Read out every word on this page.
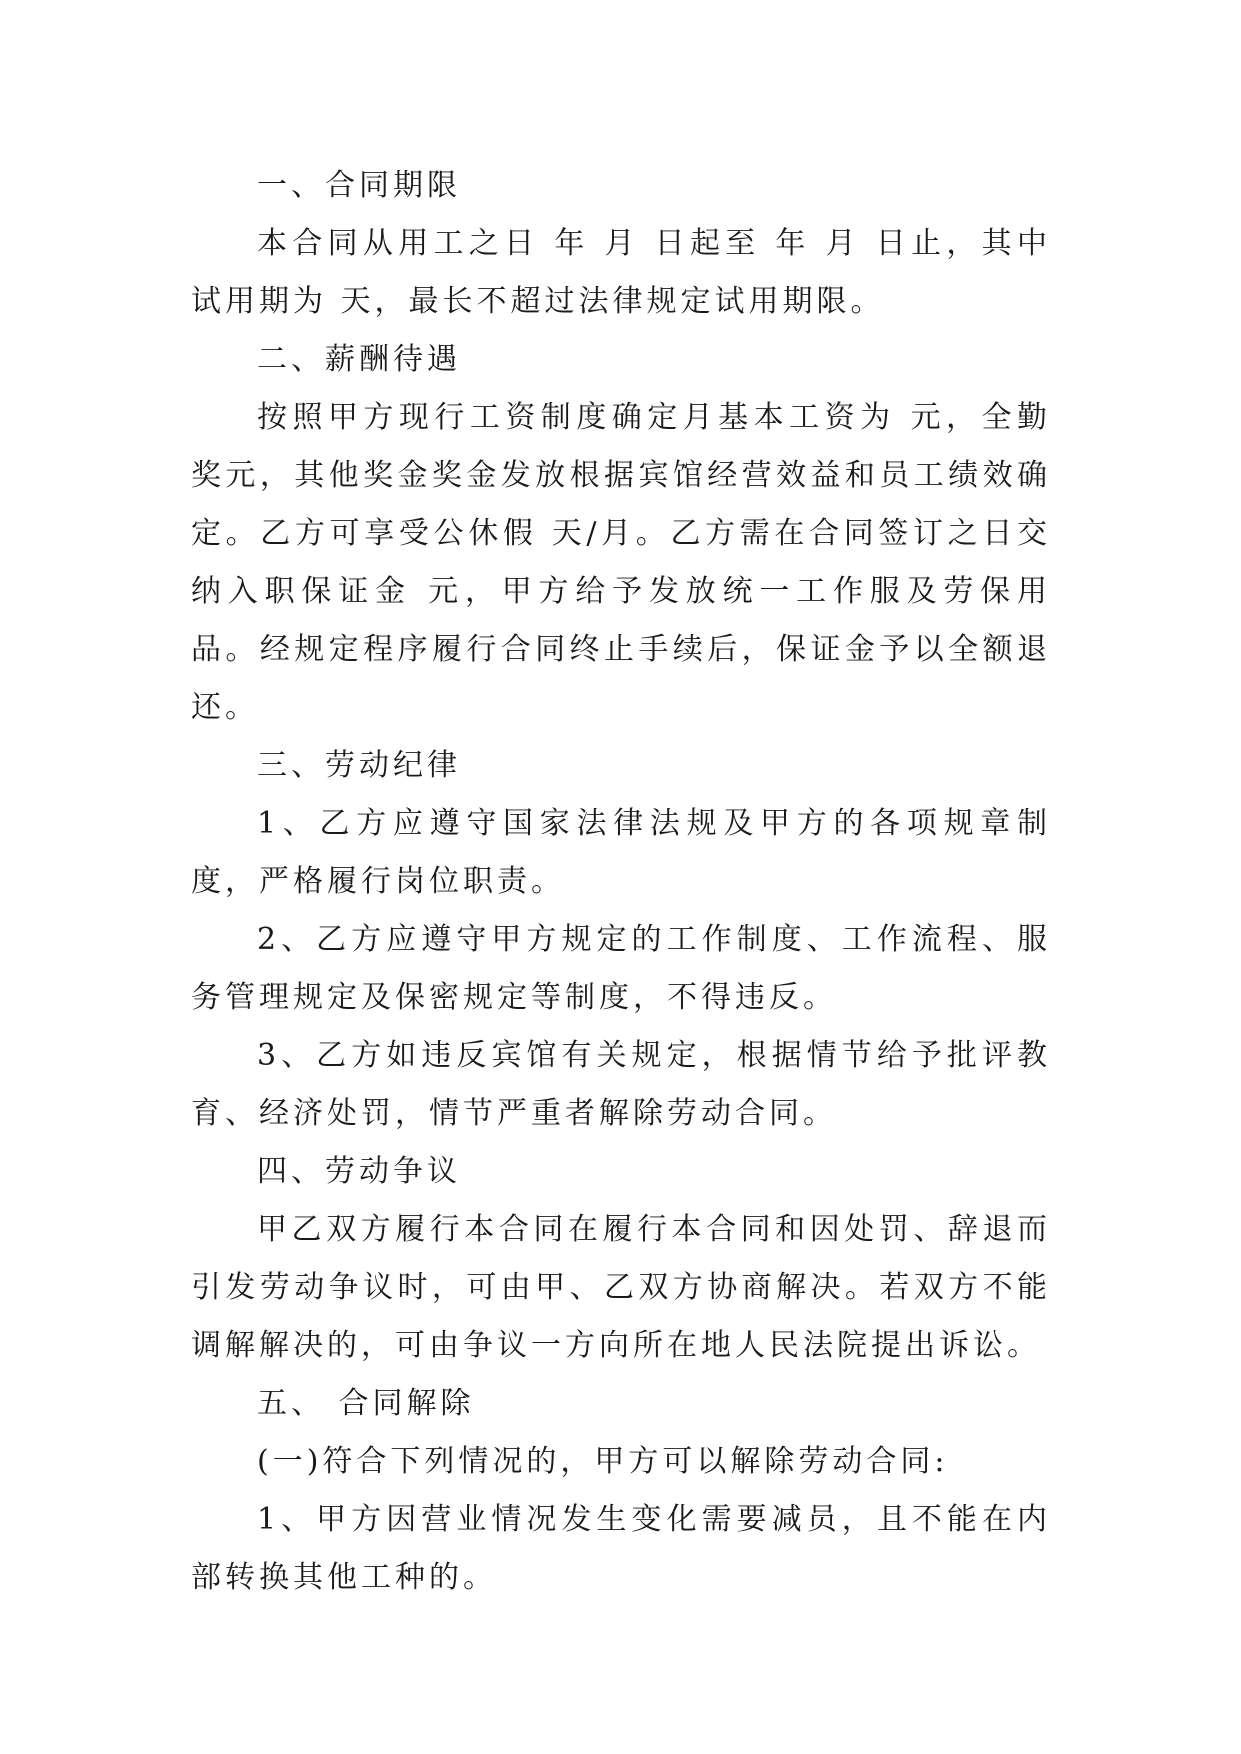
一、合同期限

本合同从用工之日 年 月 日起至 年 月 日止，其中试用期为 天，最长不超过法律规定试用期限。

二、薪酬待遇

按照甲方现行工资制度确定月基本工资为 元，全勤奖元，其他奖金奖金发放根据宾馆经营效益和员工绩效确定。乙方可享受公休假 天/月。乙方需在合同签订之日交纳入职保证金 元，甲方给予发放统一工作服及劳保用品。经规定程序履行合同终止手续后，保证金予以全额退还。

三、劳动纪律

1、乙方应遵守国家法律法规及甲方的各项规章制度，严格履行岗位职责。

2、乙方应遵守甲方规定的工作制度、工作流程、服务管理规定及保密规定等制度，不得违反。

3、乙方如违反宾馆有关规定，根据情节给予批评教育、经济处罚，情节严重者解除劳动合同。

四、劳动争议

甲乙双方履行本合同在履行本合同和因处罚、辞退而引发劳动争议时，可由甲、乙双方协商解决。若双方不能调解解决的，可由争议一方向所在地人民法院提出诉讼。

五、 合同解除

(一)符合下列情况的，甲方可以解除劳动合同:

1、甲方因营业情况发生变化需要减员，且不能在内部转换其他工种的。
